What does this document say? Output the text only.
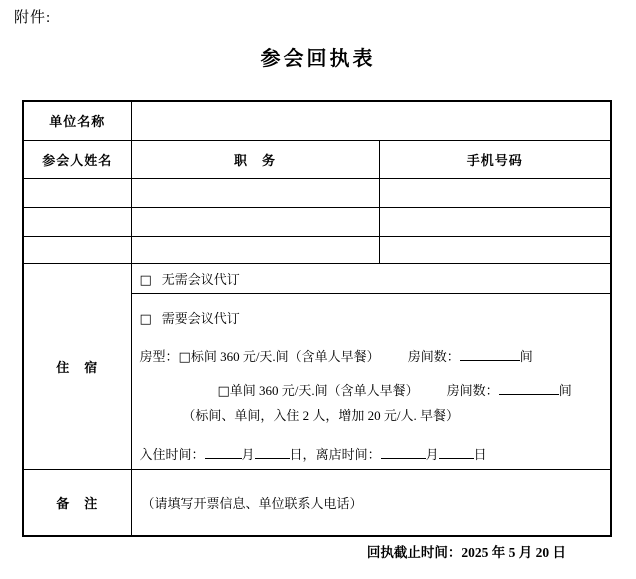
附件:
参会回执表
单位名称		
参会人姓名	职　务	手机号码

住　宿	□ 无需会议代订	

	□ 需要会议代订
房型：□标间 360 元/天.间（含单人早餐） 房间数： 间
□单间 360 元/天.间（含单人早餐） 房间数： 间
（标间、单间，入住 2 人，增加 20 元/人. 早餐）
入住时间： 月 日，离店时间： 月 日	

备　注	（请填写开票信息、单位联系人电话）	
回执截止时间：2025 年 5 月 20 日
